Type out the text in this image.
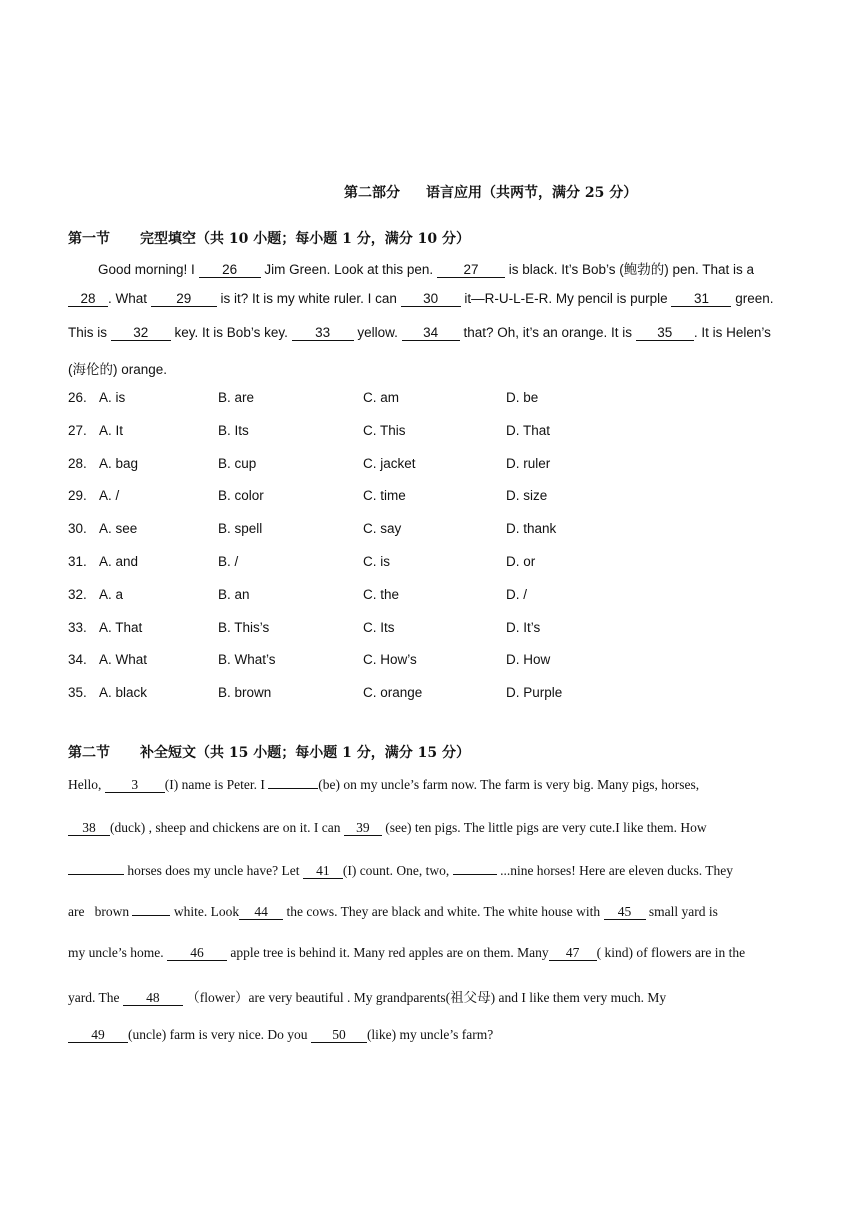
第二部分 语言应用（共两节，满分 25 分）
第一节 完型填空（共 10 小题；每小题 1 分，满分 10 分）
Good morning! I 26 Jim Green. Look at this pen. 27 is black. It’s Bob’s (鲍勃的) pen. That is a
28 . What 29 is it? It is my white ruler. I can 30 it—R-U-L-E-R. My pencil is purple 31 green.
This is 32 key. It is Bob’s key. 33 yellow. 34 that? Oh, it’s an orange. It is 35 . It is Helen’s
(海伦的) orange.
26. A. is	B. are	C. am	D. be
27. A. It	B. Its	C. This	D. That
28. A. bag	B. cup	C. jacket	D. ruler
29. A. /	B. color	C. time	D. size
30. A. see	B. spell	C. say	D. thank
31. A. and	B. /	C. is	D. or
32. A. a	B. an	C. the	D. /
33. A. That	B. This’s	C. Its	D. It’s
34. A. What	B. What’s	C. How’s	D. How
35. A. black	B. brown	C. orange	D. Purple
第二节 补全短文（共 15 小题；每小题 1 分，满分 15 分）
Hello, 3 (I) name is Peter. I	(be) on my uncle’s farm now. The farm is very big. Many pigs, horses,
38 (duck) , sheep and chickens are on it. I can 39 (see) ten pigs. The little pigs are very cute.I like them. How
horses does my uncle have? Let 41 (I) count. One, two,	...nine horses! Here are eleven ducks. They
are   brown	white. Look 44 the cows. They are black and white. The white house with 45 small yard is
my uncle’s home. 46 apple tree is behind it. Many red apples are on them. Many 47 ( kind) of flowers are in the
yard. The 48 （flower）are very beautiful . My grandparents(祖父母) and I like them very much. My
49 (uncle) farm is very nice. Do you 50 (like) my uncle’s farm?
